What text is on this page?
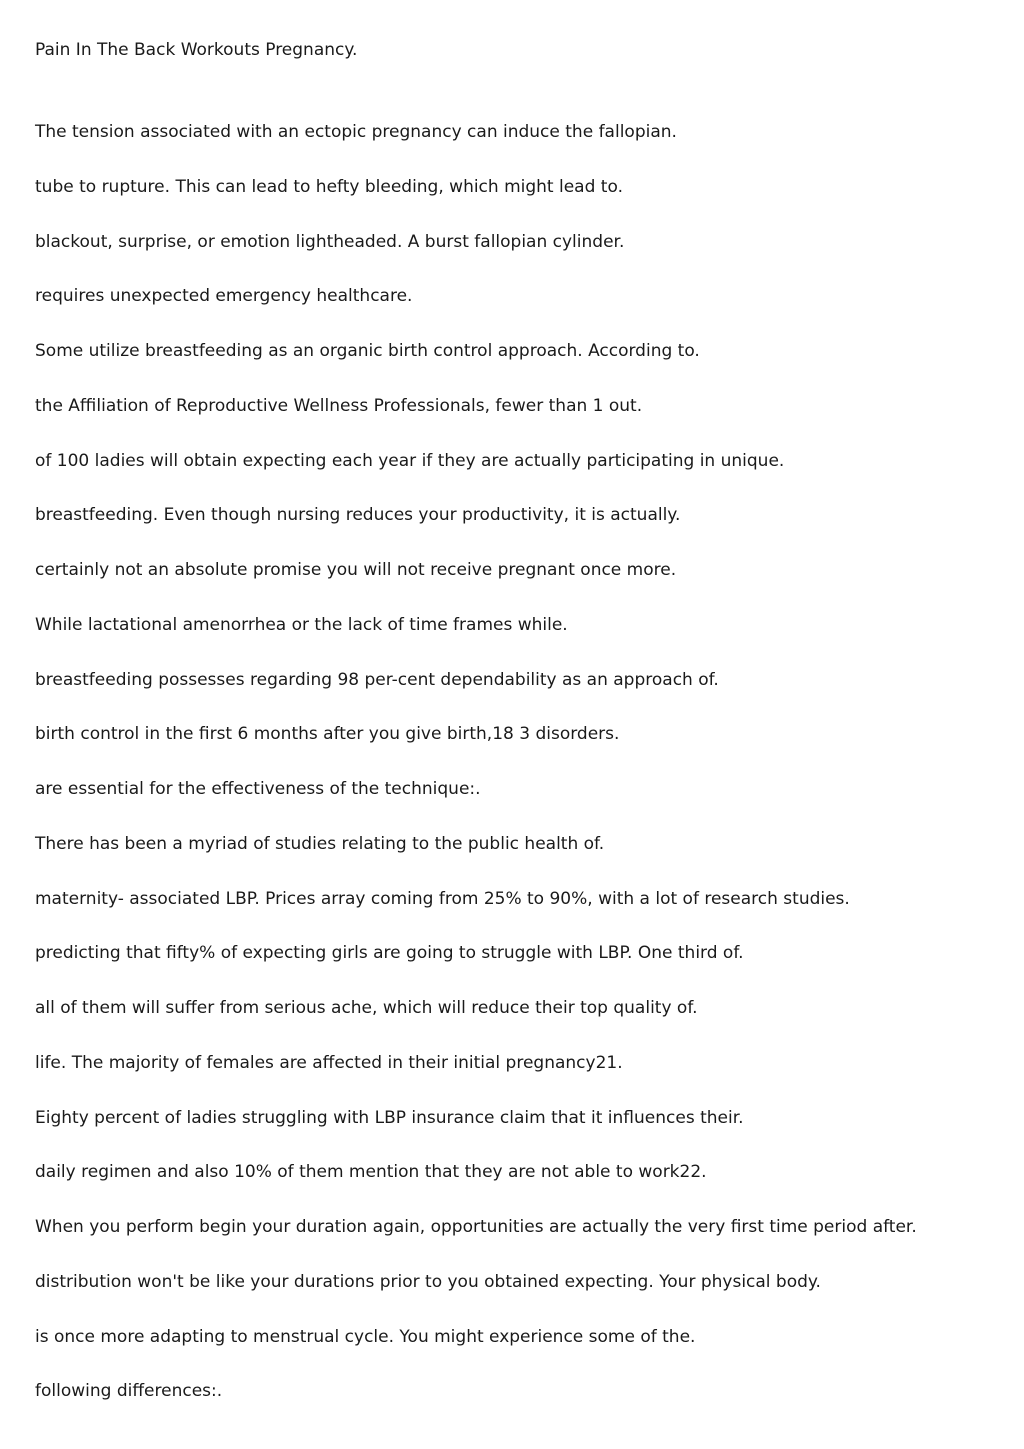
Pain In The Back Workouts Pregnancy.
The tension associated with an ectopic pregnancy can induce the fallopian.
tube to rupture. This can lead to hefty bleeding, which might lead to.
blackout, surprise, or emotion lightheaded. A burst fallopian cylinder.
requires unexpected emergency healthcare.
Some utilize breastfeeding as an organic birth control approach. According to.
the Affiliation of Reproductive Wellness Professionals, fewer than 1 out.
of 100 ladies will obtain expecting each year if they are actually participating in unique.
breastfeeding. Even though nursing reduces your productivity, it is actually.
certainly not an absolute promise you will not receive pregnant once more.
While lactational amenorrhea or the lack of time frames while.
breastfeeding possesses regarding 98 per-cent dependability as an approach of.
birth control in the first 6 months after you give birth,18 3 disorders.
are essential for the effectiveness of the technique:.
There has been a myriad of studies relating to the public health of.
maternity- associated LBP. Prices array coming from 25% to 90%, with a lot of research studies.
predicting that fifty% of expecting girls are going to struggle with LBP. One third of.
all of them will suffer from serious ache, which will reduce their top quality of.
life. The majority of females are affected in their initial pregnancy21.
Eighty percent of ladies struggling with LBP insurance claim that it influences their.
daily regimen and also 10% of them mention that they are not able to work22.
When you perform begin your duration again, opportunities are actually the very first time period after.
distribution won't be like your durations prior to you obtained expecting. Your physical body.
is once more adapting to menstrual cycle. You might experience some of the.
following differences:.
